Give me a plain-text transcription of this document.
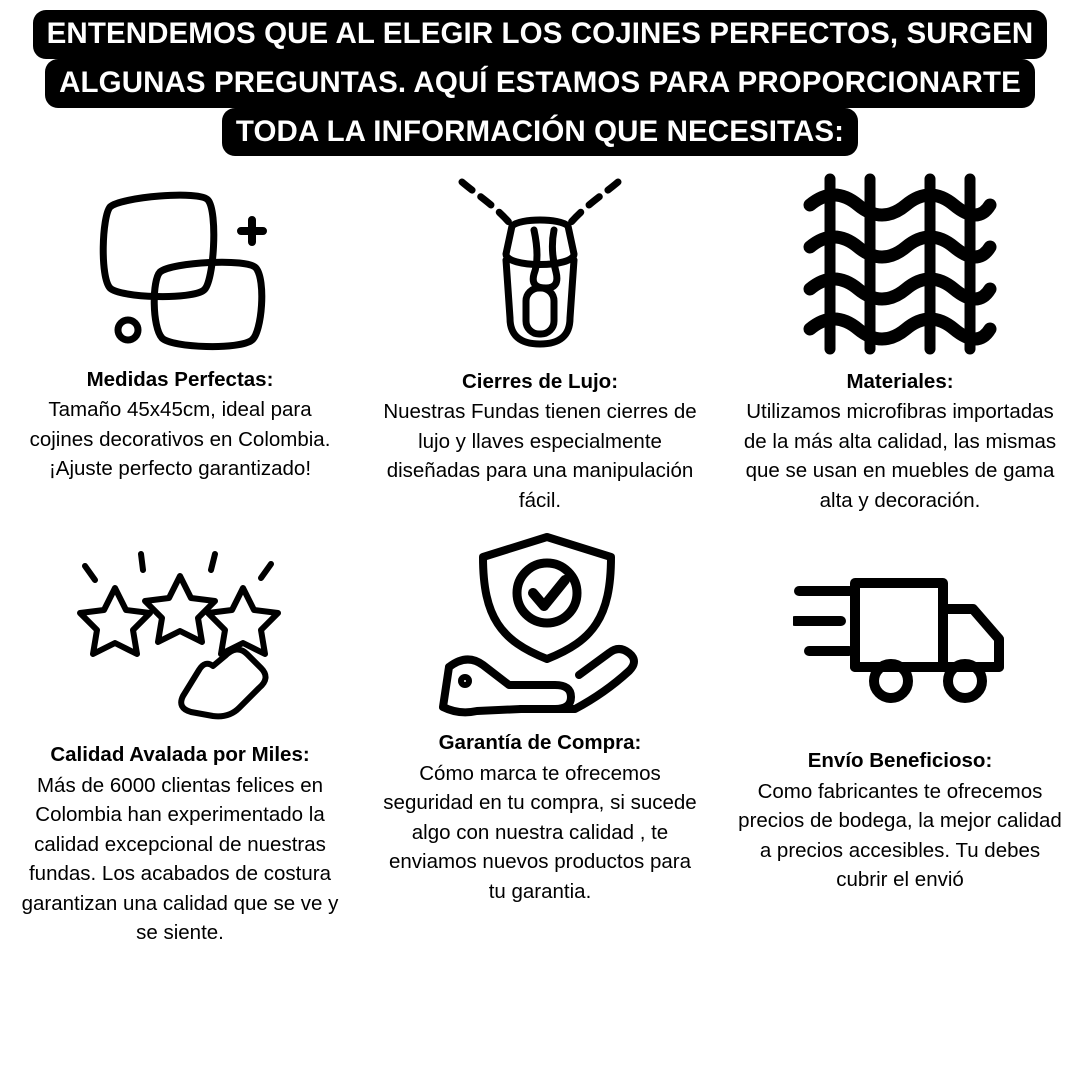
ENTENDEMOS QUE AL ELEGIR LOS COJINES PERFECTOS, SURGEN
ALGUNAS PREGUNTAS. AQUÍ ESTAMOS PARA PROPORCIONARTE
TODA LA INFORMACIÓN QUE NECESITAS:
Medidas Perfectas:
Tamaño 45x45cm, ideal para cojines decorativos en Colombia. ¡Ajuste perfecto garantizado!
Cierres de Lujo:
Nuestras Fundas tienen cierres de lujo y llaves especialmente diseñadas para una manipulación fácil.
Materiales:
Utilizamos microfibras importadas de la más alta calidad, las mismas que se usan en muebles de gama alta y decoración.
Calidad Avalada por Miles:
Más de 6000 clientas felices en Colombia han experimentado la calidad excepcional de nuestras fundas. Los acabados de costura garantizan una calidad que se ve y se siente.
Garantía de Compra:
Cómo marca te ofrecemos seguridad en tu compra, si sucede algo con nuestra calidad , te enviamos nuevos productos para tu garantia.
Envío Beneficioso:
Como fabricantes te ofrecemos precios de bodega, la mejor calidad a precios accesibles. Tu debes cubrir el envió
